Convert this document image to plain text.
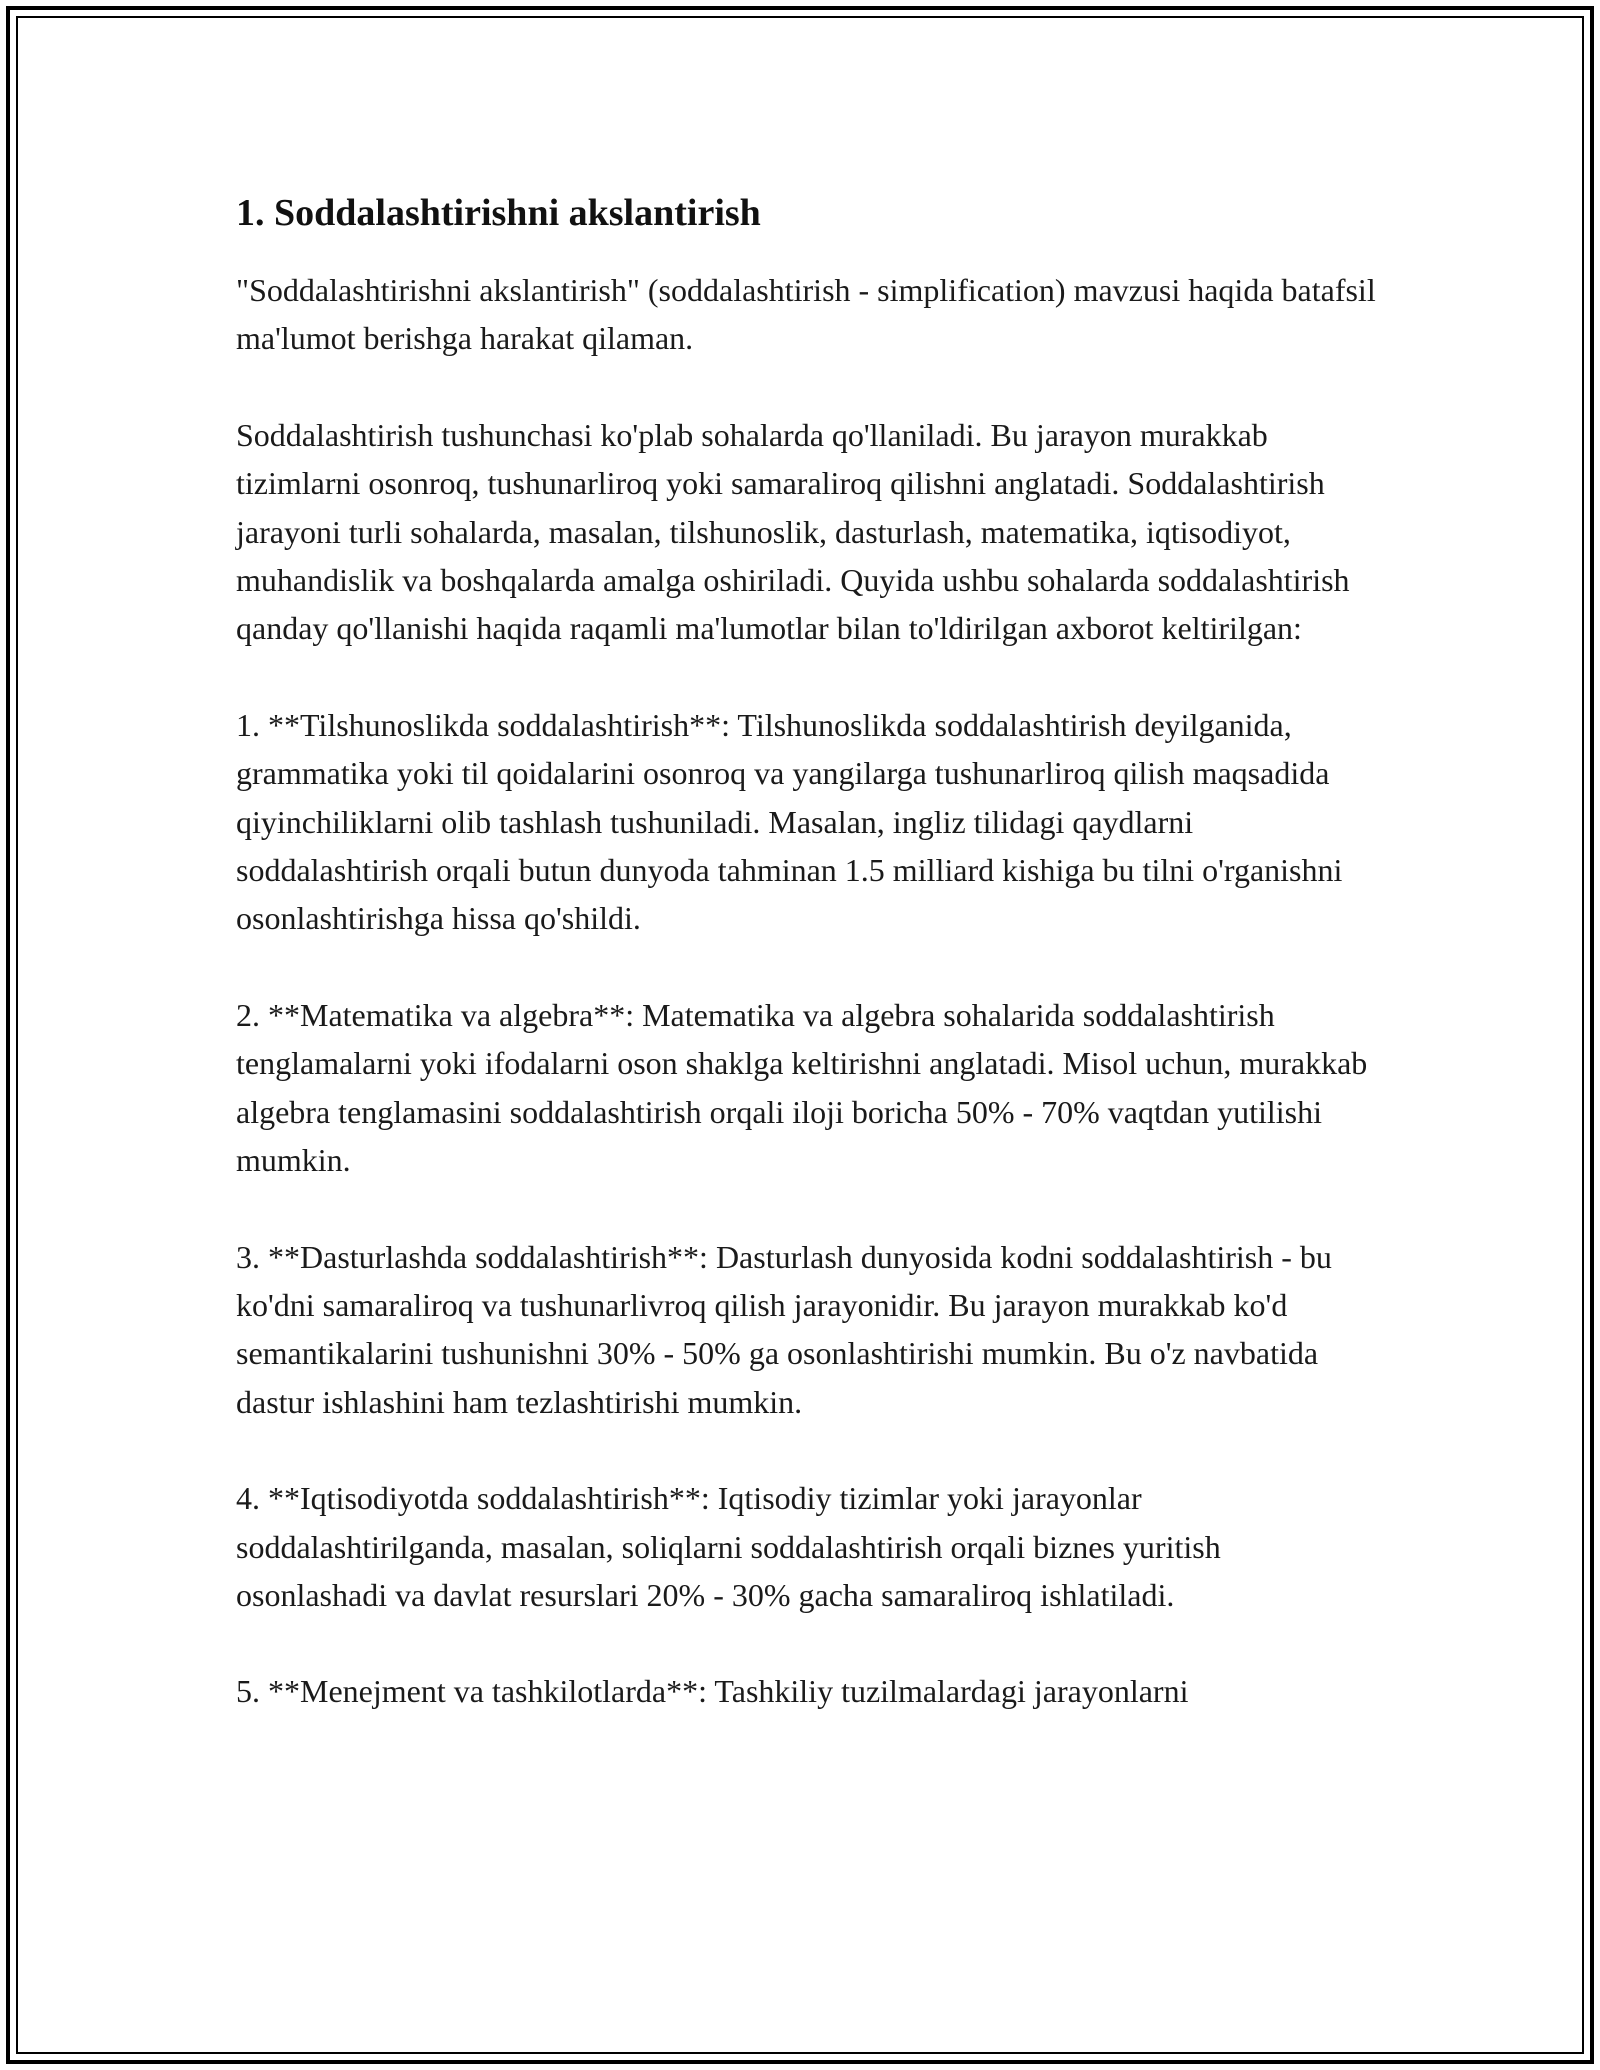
1. Soddalashtirishni akslantirish

"Soddalashtirishni akslantirish" (soddalashtirish - simplification) mavzusi haqida batafsil ma'lumot berishga harakat qilaman.

Soddalashtirish tushunchasi ko'plab sohalarda qo'llaniladi. Bu jarayon murakkab tizimlarni osonroq, tushunarliroq yoki samaraliroq qilishni anglatadi. Soddalashtirish jarayoni turli sohalarda, masalan, tilshunoslik, dasturlash, matematika, iqtisodiyot, muhandislik va boshqalarda amalga oshiriladi. Quyida ushbu sohalarda soddalashtirish qanday qo'llanishi haqida raqamli ma'lumotlar bilan to'ldirilgan axborot keltirilgan:

1. **Tilshunoslikda soddalashtirish**: Tilshunoslikda soddalashtirish deyilganida, grammatika yoki til qoidalarini osonroq va yangilarga tushunarliroq qilish maqsadida qiyinchiliklarni olib tashlash tushuniladi. Masalan, ingliz tilidagi qaydlarni soddalashtirish orqali butun dunyoda tahminan 1.5 milliard kishiga bu tilni o'rganishni osonlashtirishga hissa qo'shildi.

2. **Matematika va algebra**: Matematika va algebra sohalarida soddalashtirish tenglamalarni yoki ifodalarni oson shaklga keltirishni anglatadi. Misol uchun, murakkab algebra tenglamasini soddalashtirish orqali iloji boricha 50% - 70% vaqtdan yutilishi mumkin.

3. **Dasturlashda soddalashtirish**: Dasturlash dunyosida kodni soddalashtirish - bu ko'dni samaraliroq va tushunarlivroq qilish jarayonidir. Bu jarayon murakkab ko'd semantikalarini tushunishni 30% - 50% ga osonlashtirishi mumkin. Bu o'z navbatida dastur ishlashini ham tezlashtirishi mumkin.

4. **Iqtisodiyotda soddalashtirish**: Iqtisodiy tizimlar yoki jarayonlar soddalashtirilganda, masalan, soliqlarni soddalashtirish orqali biznes yuritish osonlashadi va davlat resurslari 20% - 30% gacha samaraliroq ishlatiladi.

5. **Menejment va tashkilotlarda**: Tashkiliy tuzilmalardagi jarayonlarni
